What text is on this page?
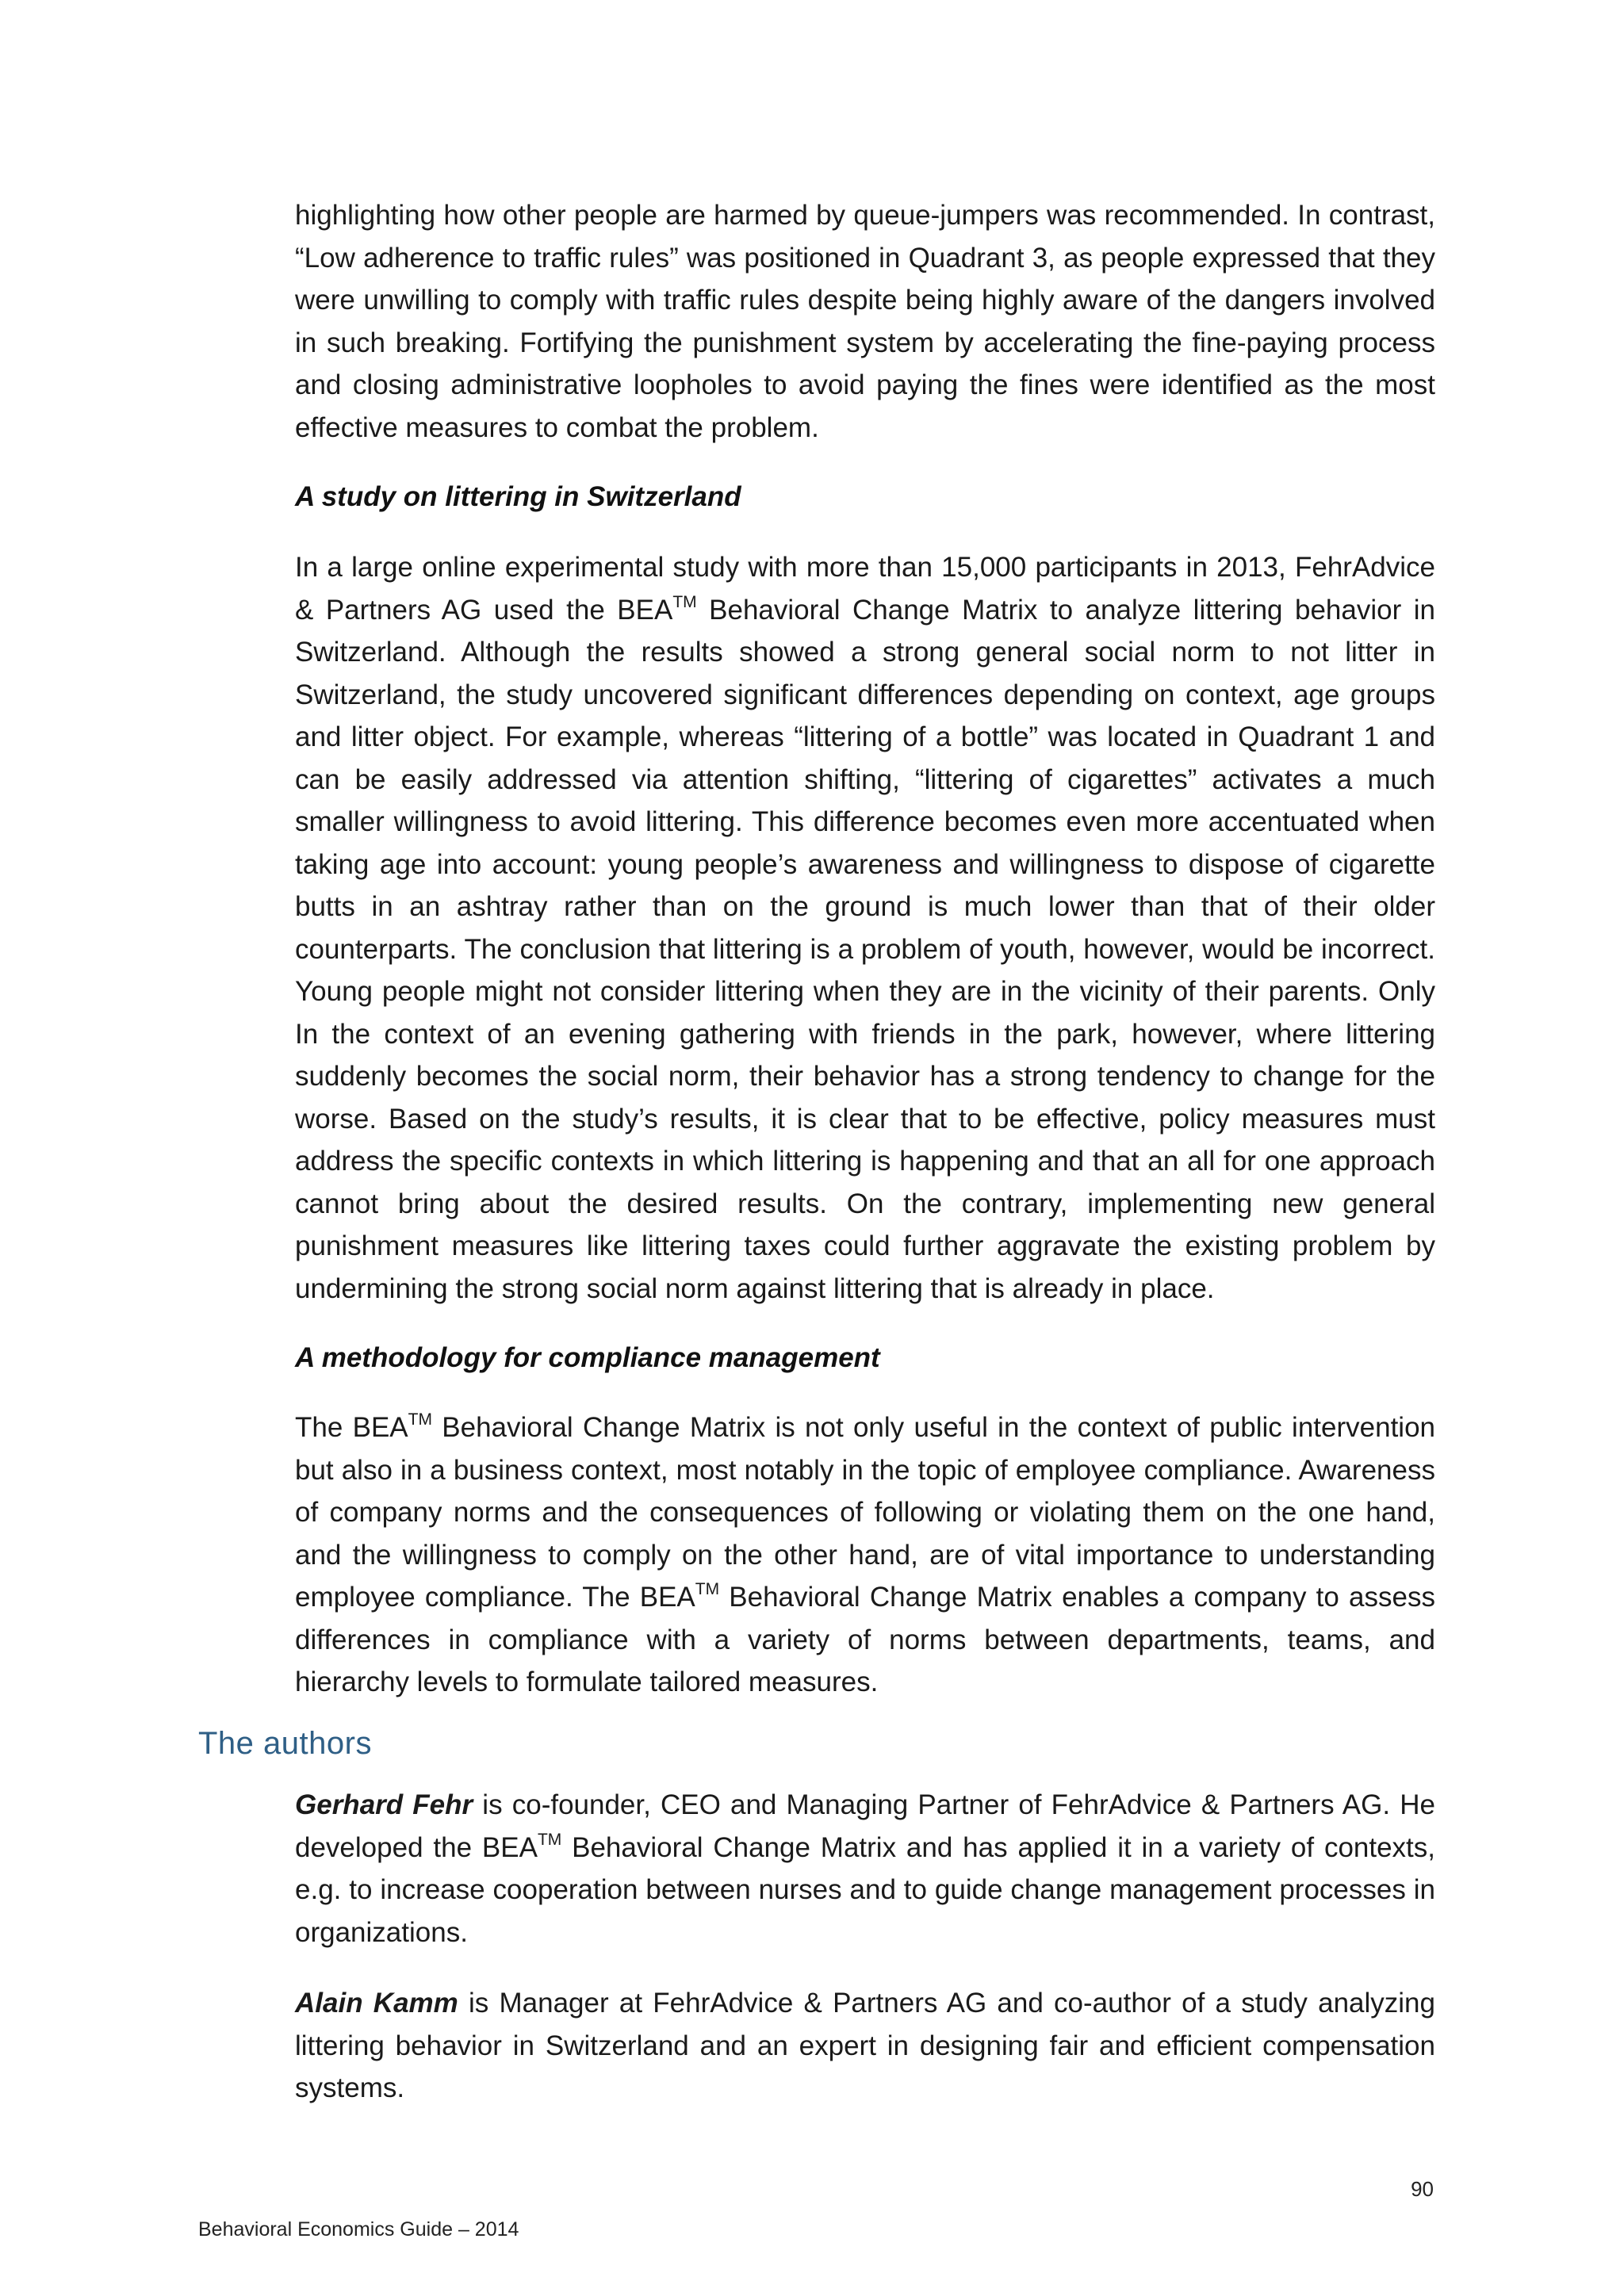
highlighting how other people are harmed by queue-jumpers was recommended. In contrast, “Low adherence to traffic rules” was positioned in Quadrant 3, as people expressed that they were unwilling to comply with traffic rules despite being highly aware of the dangers involved in such breaking. Fortifying the punishment system by accelerating the fine-paying process and closing administrative loopholes to avoid paying the fines were identified as the most effective measures to combat the problem.

A study on littering in Switzerland

In a large online experimental study with more than 15,000 participants in 2013, FehrAdvice & Partners AG used the BEA™ Behavioral Change Matrix to analyze littering behavior in Switzerland. Although the results showed a strong general social norm to not litter in Switzerland, the study uncovered significant differences depending on context, age groups and litter object. For example, whereas “littering of a bottle” was located in Quadrant 1 and can be easily addressed via attention shifting, “littering of cigarettes” activates a much smaller willingness to avoid littering. This difference becomes even more accentuated when taking age into account: young people’s awareness and willingness to dispose of cigarette butts in an ashtray rather than on the ground is much lower than that of their older counterparts. The conclusion that littering is a problem of youth, however, would be incorrect. Young people might not consider littering when they are in the vicinity of their parents. Only In the context of an evening gathering with friends in the park, however, where littering suddenly becomes the social norm, their behavior has a strong tendency to change for the worse. Based on the study’s results, it is clear that to be effective, policy measures must address the specific contexts in which littering is happening and that an all for one approach cannot bring about the desired results. On the contrary, implementing new general punishment measures like littering taxes could further aggravate the existing problem by undermining the strong social norm against littering that is already in place.

A methodology for compliance management

The BEA™ Behavioral Change Matrix is not only useful in the context of public intervention but also in a business context, most notably in the topic of employee compliance. Awareness of company norms and the consequences of following or violating them on the one hand, and the willingness to comply on the other hand, are of vital importance to understanding employee compliance. The BEA™ Behavioral Change Matrix enables a company to assess differences in compliance with a variety of norms between departments, teams, and hierarchy levels to formulate tailored measures.

The authors

Gerhard Fehr is co-founder, CEO and Managing Partner of FehrAdvice & Partners AG. He developed the BEA™ Behavioral Change Matrix and has applied it in a variety of contexts, e.g. to increase cooperation between nurses and to guide change management processes in organizations.

Alain Kamm is Manager at FehrAdvice & Partners AG and co-author of a study analyzing littering behavior in Switzerland and an expert in designing fair and efficient compensation systems.

90
Behavioral Economics Guide – 2014
